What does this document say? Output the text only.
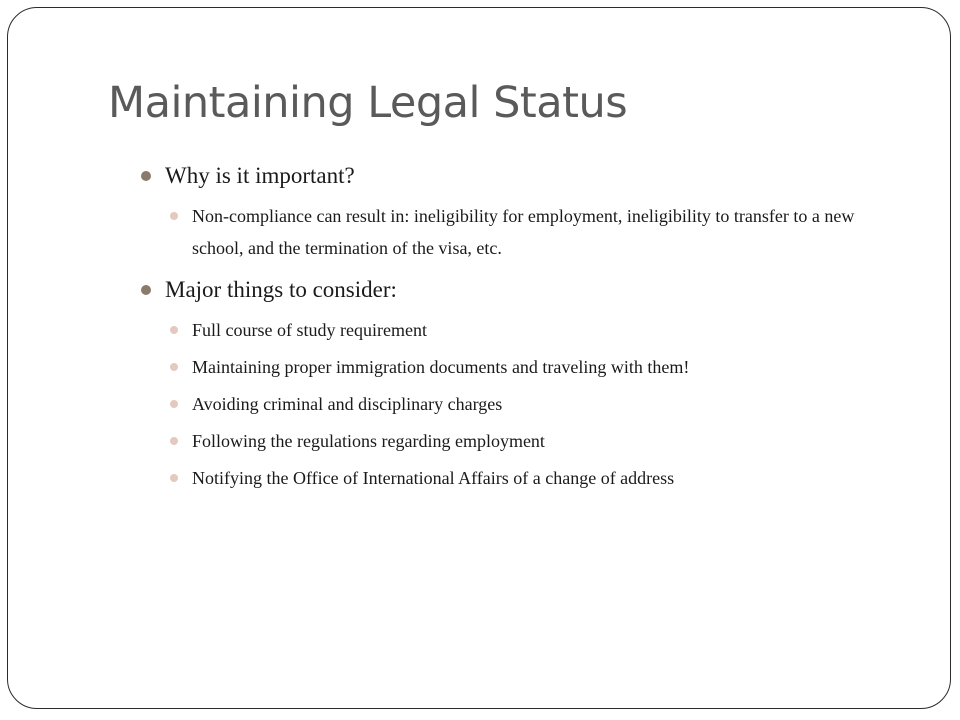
Maintaining Legal Status
Why is it important?
Non-compliance can result in: ineligibility for employment, ineligibility to transfer to a new school, and the termination of the visa, etc.
Major things to consider:
Full course of study requirement
Maintaining proper immigration documents and traveling with them!
Avoiding criminal and disciplinary charges
Following the regulations regarding employment
Notifying the Office of International Affairs of a change of address
